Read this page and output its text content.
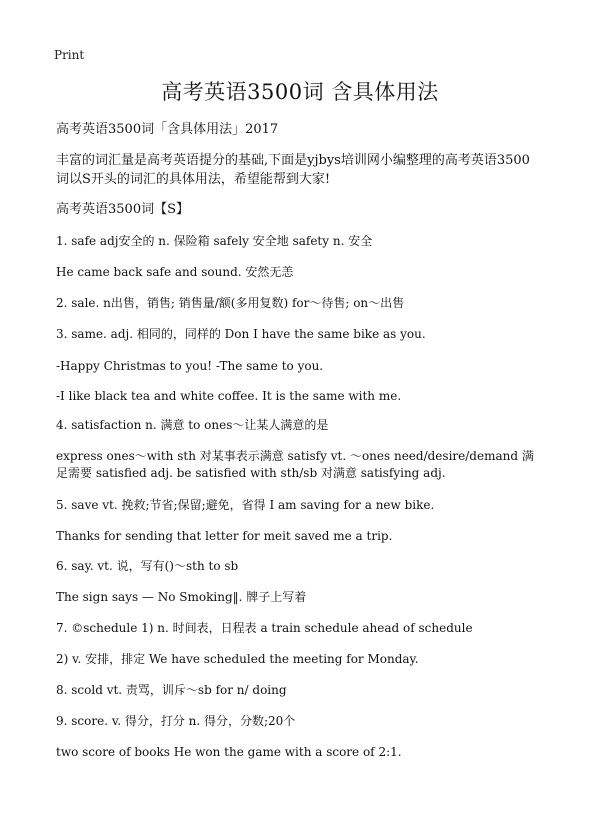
Print
高考英语3500词 含具体用法
高考英语3500词「含具体用法」2017
丰富的词汇量是高考英语提分的基础,下面是yjbys培训网小编整理的高考英语3500词以S开头的词汇的具体用法，希望能帮到大家!
高考英语3500词【S】
1. safe adj安全的 n. 保险箱 safely 安全地 safety n. 安全
He came back safe and sound. 安然无恙
2. sale. n出售，销售; 销售量/额(多用复数) for～待售; on～出售
3. same. adj. 相同的，同样的 Don I have the same bike as you.
-Happy Christmas to you! -The same to you.
-I like black tea and white coffee. It is the same with me.
4. satisfaction n. 满意 to ones～让某人满意的是
express ones～with sth 对某事表示满意 satisfy vt. ～ones need/desire/demand 满足需要 satisfied adj. be satisfied with sth/sb 对满意 satisfying adj.
5. save vt. 挽救;节省;保留;避免，省得 I am saving for a new bike.
Thanks for sending that letter for meit saved me a trip.
6. say. vt. 说，写有()～sth to sb
The sign says — No Smoking‖. 牌子上写着
7. ©schedule 1) n. 时间表，日程表 a train schedule ahead of schedule
2) v. 安排，排定 We have scheduled the meeting for Monday.
8. scold vt. 责骂，训斥～sb for n/ doing
9. score. v. 得分，打分 n. 得分，分数;20个
two score of books He won the game with a score of 2:1.
